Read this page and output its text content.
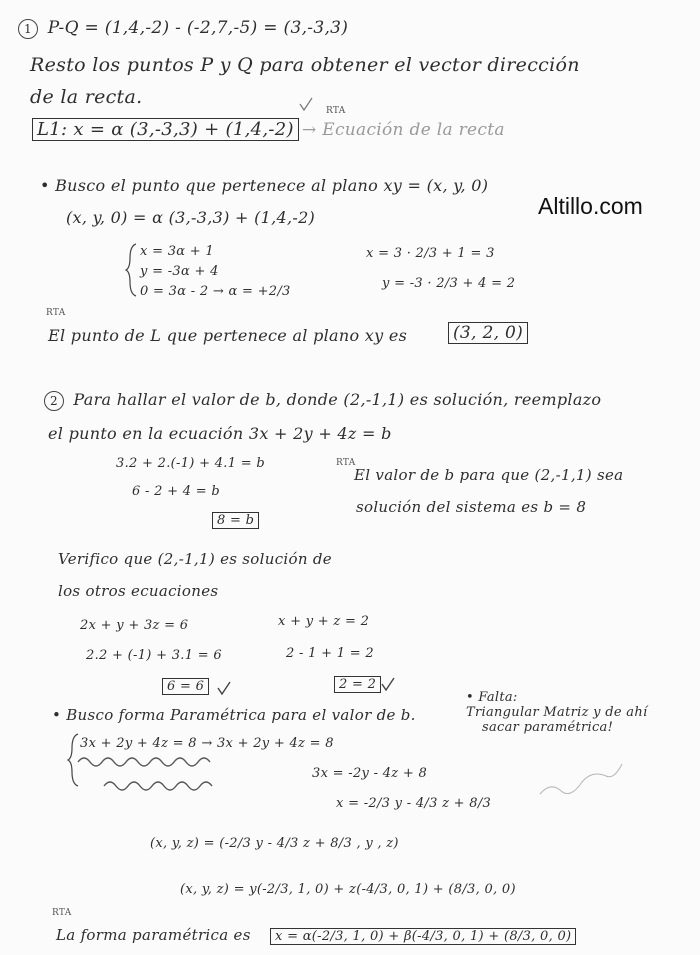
Altillo.com
1 P-Q = (1,4,-2) - (-2,7,-5) = (3,-3,3)
Resto los puntos P y Q para obtener el vector dirección
de la recta.
RTA
L1: x = α (3,-3,3) + (1,4,-2) → Ecuación de la recta
• Busco el punto que pertenece al plano xy = (x, y, 0)
(x, y, 0) = α (3,-3,3) + (1,4,-2)
x = 3α + 1
y = -3α + 4
0 = 3α - 2 → α = +2/3
x = 3 · 2/3 + 1 = 3
y = -3 · 2/3 + 4 = 2
RTA
El punto de L que pertenece al plano xy es	(3, 2, 0)
2 Para hallar el valor de b, donde (2,-1,1) es solución, reemplazo
el punto en la ecuación 3x + 2y + 4z = b
3.2 + 2.(-1) + 4.1 = b
6 - 2 + 4 = b
8 = b
RTA
El valor de b para que (2,-1,1) sea
solución del sistema es b = 8
Verifico que (2,-1,1) es solución de
los otros ecuaciones
2x + y + 3z = 6
2.2 + (-1) + 3.1 = 6
6 = 6
x + y + z = 2
2 - 1 + 1 = 2
2 = 2
• Busco forma Paramétrica para el valor de b.
• Falta:
Triangular Matriz y de ahí
sacar paramétrica!
3x + 2y + 4z = 8 → 3x + 2y + 4z = 8
3x = -2y - 4z + 8
x = -2/3 y - 4/3 z + 8/3
(x, y, z) = (-2/3 y - 4/3 z + 8/3 , y , z)
(x, y, z) = y(-2/3, 1, 0) + z(-4/3, 0, 1) + (8/3, 0, 0)
RTA
La forma paramétrica es	x = α(-2/3, 1, 0) + β(-4/3, 0, 1) + (8/3, 0, 0)
